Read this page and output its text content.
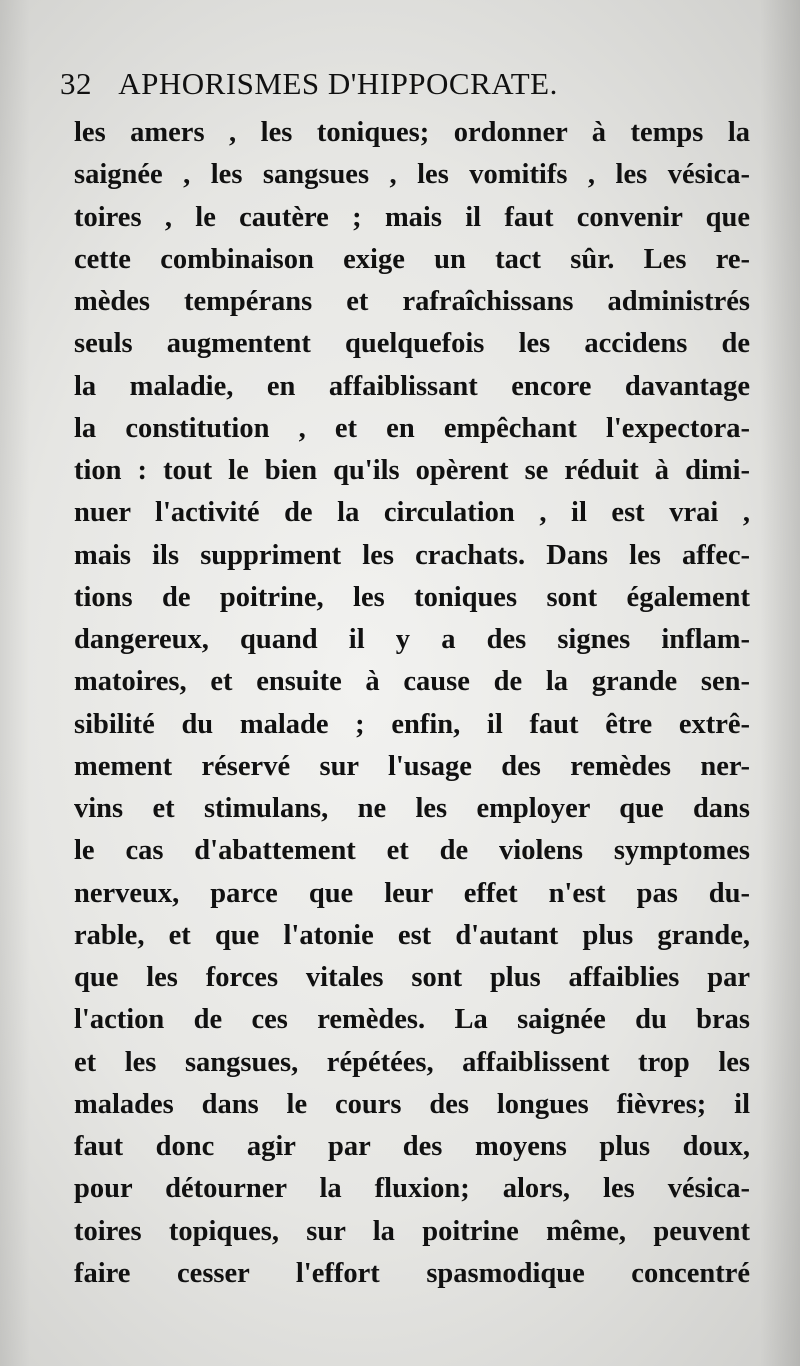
32 APHORISMES D'HIPPOCRATE.
les amers , les toniques; ordonner à temps la
saignée , les sangsues , les vomitifs , les vésica-
toires , le cautère ; mais il faut convenir que
cette combinaison exige un tact sûr. Les re-
mèdes tempérans et rafraîchissans administrés
seuls augmentent quelquefois les accidens de
la maladie, en affaiblissant encore davantage
la constitution , et en empêchant l'expectora-
tion : tout le bien qu'ils opèrent se réduit à dimi-
nuer l'activité de la circulation , il est vrai ,
mais ils suppriment les crachats. Dans les affec-
tions de poitrine, les toniques sont également
dangereux, quand il y a des signes inflam-
matoires, et ensuite à cause de la grande sen-
sibilité du malade ; enfin, il faut être extrê-
mement réservé sur l'usage des remèdes ner-
vins et stimulans, ne les employer que dans
le cas d'abattement et de violens symptomes
nerveux, parce que leur effet n'est pas du-
rable, et que l'atonie est d'autant plus grande,
que les forces vitales sont plus affaiblies par
l'action de ces remèdes. La saignée du bras
et les sangsues, répétées, affaiblissent trop les
malades dans le cours des longues fièvres; il
faut donc agir par des moyens plus doux,
pour détourner la fluxion; alors, les vésica-
toires topiques, sur la poitrine même, peuvent
faire cesser l'effort spasmodique concentré
